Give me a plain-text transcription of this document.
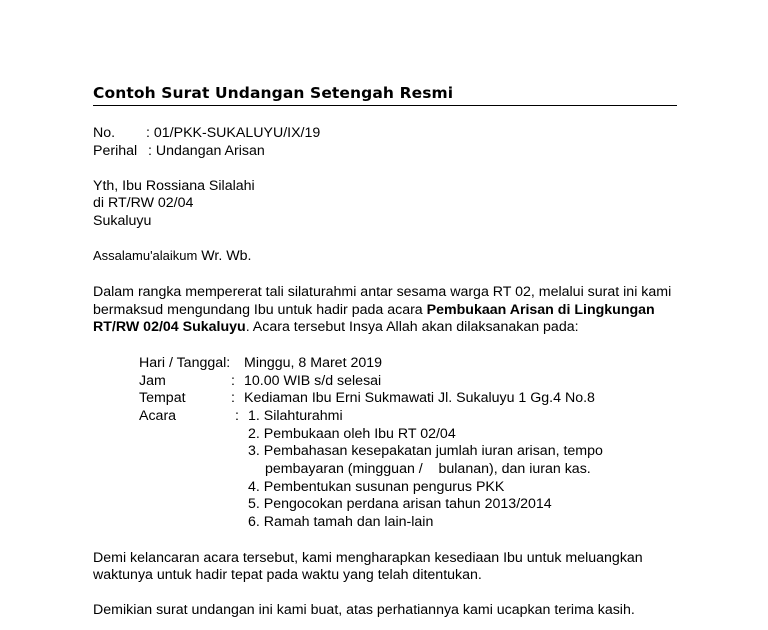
Contoh Surat Undangan Setengah Resmi
No. : 01/PKK-SUKALUYU/IX/19
Perihal : Undangan Arisan
Yth, Ibu Rossiana Silalahi
di RT/RW 02/04
Sukaluyu
Assalamu'alaikum Wr. Wb.
Dalam rangka mempererat tali silaturahmi antar sesama warga RT 02, melalui surat ini kami
bermaksud mengundang Ibu untuk hadir pada acara Pembukaan Arisan di Lingkungan
RT/RW 02/04 Sukaluyu. Acara tersebut Insya Allah akan dilaksanakan pada:
Hari / Tanggal: Minggu, 8 Maret 2019
Jam	: 10.00 WIB s/d selesai
Tempat	: Kediaman Ibu Erni Sukmawati Jl. Sukaluyu 1 Gg.4 No.8
Acara	: 1. Silahturahmi
2. Pembukaan oleh Ibu RT 02/04
3. Pembahasan kesepakatan jumlah iuran arisan, tempo
pembayaran (mingguan /    bulanan), dan iuran kas.
4. Pembentukan susunan pengurus PKK
5. Pengocokan perdana arisan tahun 2013/2014
6. Ramah tamah dan lain-lain
Demi kelancaran acara tersebut, kami mengharapkan kesediaan Ibu untuk meluangkan
waktunya untuk hadir tepat pada waktu yang telah ditentukan.
Demikian surat undangan ini kami buat, atas perhatiannya kami ucapkan terima kasih.
